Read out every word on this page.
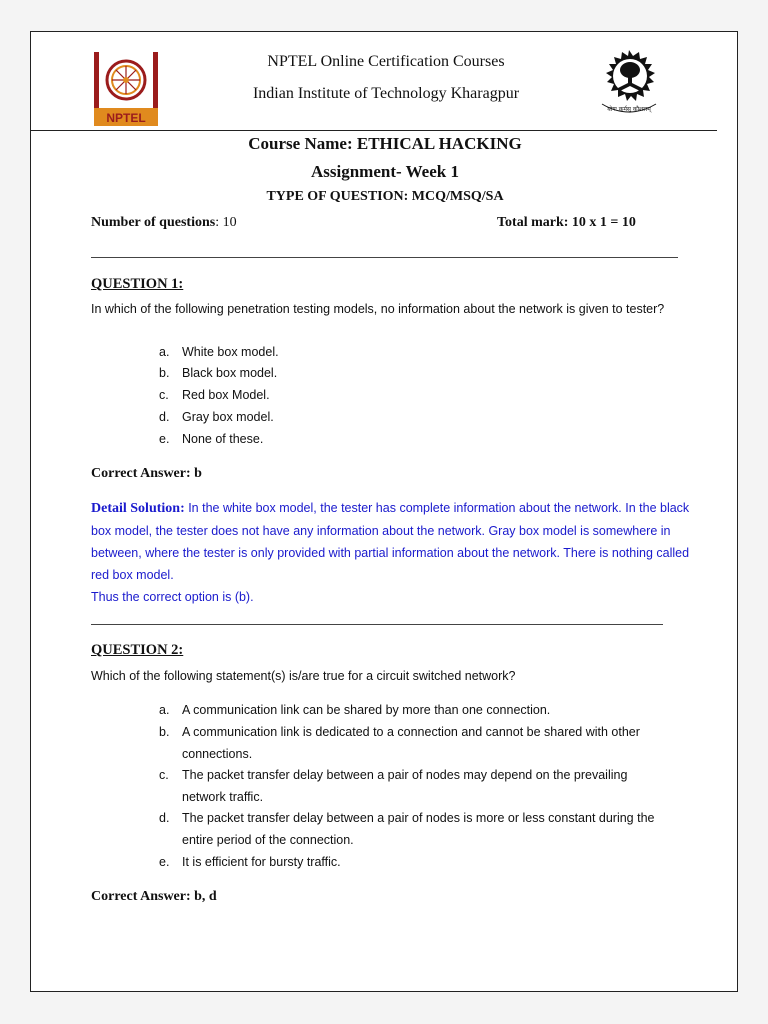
NPTEL
NPTEL Online Certification Courses
Indian Institute of Technology Kharagpur
योगः कर्मसु कौशलम्
Course Name: ETHICAL HACKING
Assignment- Week 1
TYPE OF QUESTION: MCQ/MSQ/SA
Number of questions: 10	Total mark: 10 x 1 = 10
QUESTION 1:
In which of the following penetration testing models, no information about the network is given to tester?
a.	White box model.
b.	Black box model.
c.	Red box Model.
d.	Gray box model.
e.	None of these.
Correct Answer: b
Detail Solution: In the white box model, the tester has complete information about the network. In the black box model, the tester does not have any information about the network. Gray box model is somewhere in between, where the tester is only provided with partial information about the network. There is nothing called red box model.
Thus the correct option is (b).
QUESTION 2:
Which of the following statement(s) is/are true for a circuit switched network?
a.	A communication link can be shared by more than one connection.
b.	A communication link is dedicated to a connection and cannot be shared with other connections.
c.	The packet transfer delay between a pair of nodes may depend on the prevailing network traffic.
d.	The packet transfer delay between a pair of nodes is more or less constant during the entire period of the connection.
e.	It is efficient for bursty traffic.
Correct Answer: b, d
